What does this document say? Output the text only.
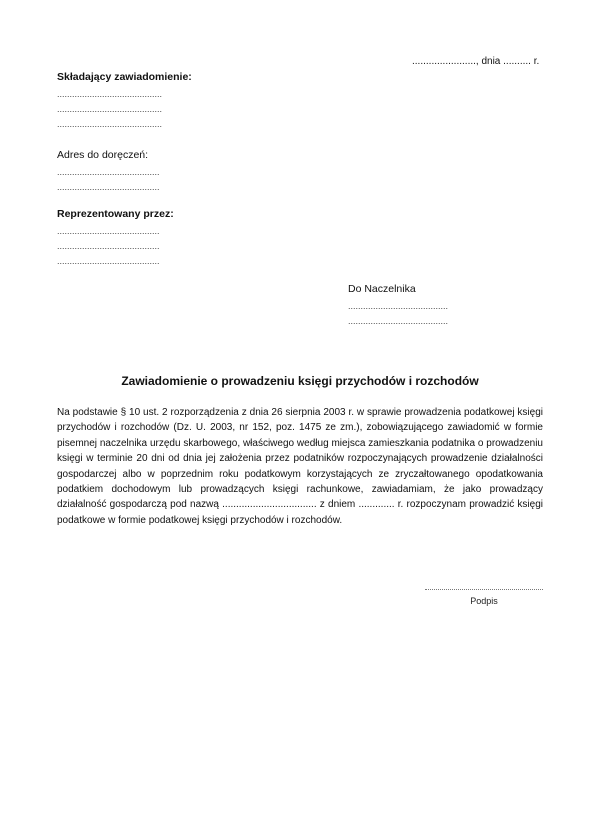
......................., dnia .......... r.
Składający zawiadomienie:
..........................................
..........................................
..........................................
Adres do doręczeń:
.........................................
.........................................
Reprezentowany przez:
.........................................
.........................................
.........................................
Do Naczelnika
........................................
........................................
Zawiadomienie o prowadzeniu księgi przychodów i rozchodów
Na podstawie § 10 ust. 2 rozporządzenia z dnia 26 sierpnia 2003 r. w sprawie prowadzenia podatkowej księgi przychodów i rozchodów (Dz. U. 2003, nr 152, poz. 1475 ze zm.), zobowiązującego zawiadomić w formie pisemnej naczelnika urzędu skarbowego, właściwego według miejsca zamieszkania podatnika o prowadzeniu księgi w terminie 20 dni od dnia jej założenia przez podatników rozpoczynających prowadzenie działalności gospodarczej albo w poprzednim roku podatkowym korzystających ze zryczałtowanego opodatkowania podatkiem dochodowym lub prowadzących księgi rachunkowe, zawiadamiam, że jako prowadzący działalność gospodarczą pod nazwą .................................. z dniem ............. r. rozpoczynam prowadzić księgi podatkowe w formie podatkowej księgi przychodów i rozchodów.
Podpis
